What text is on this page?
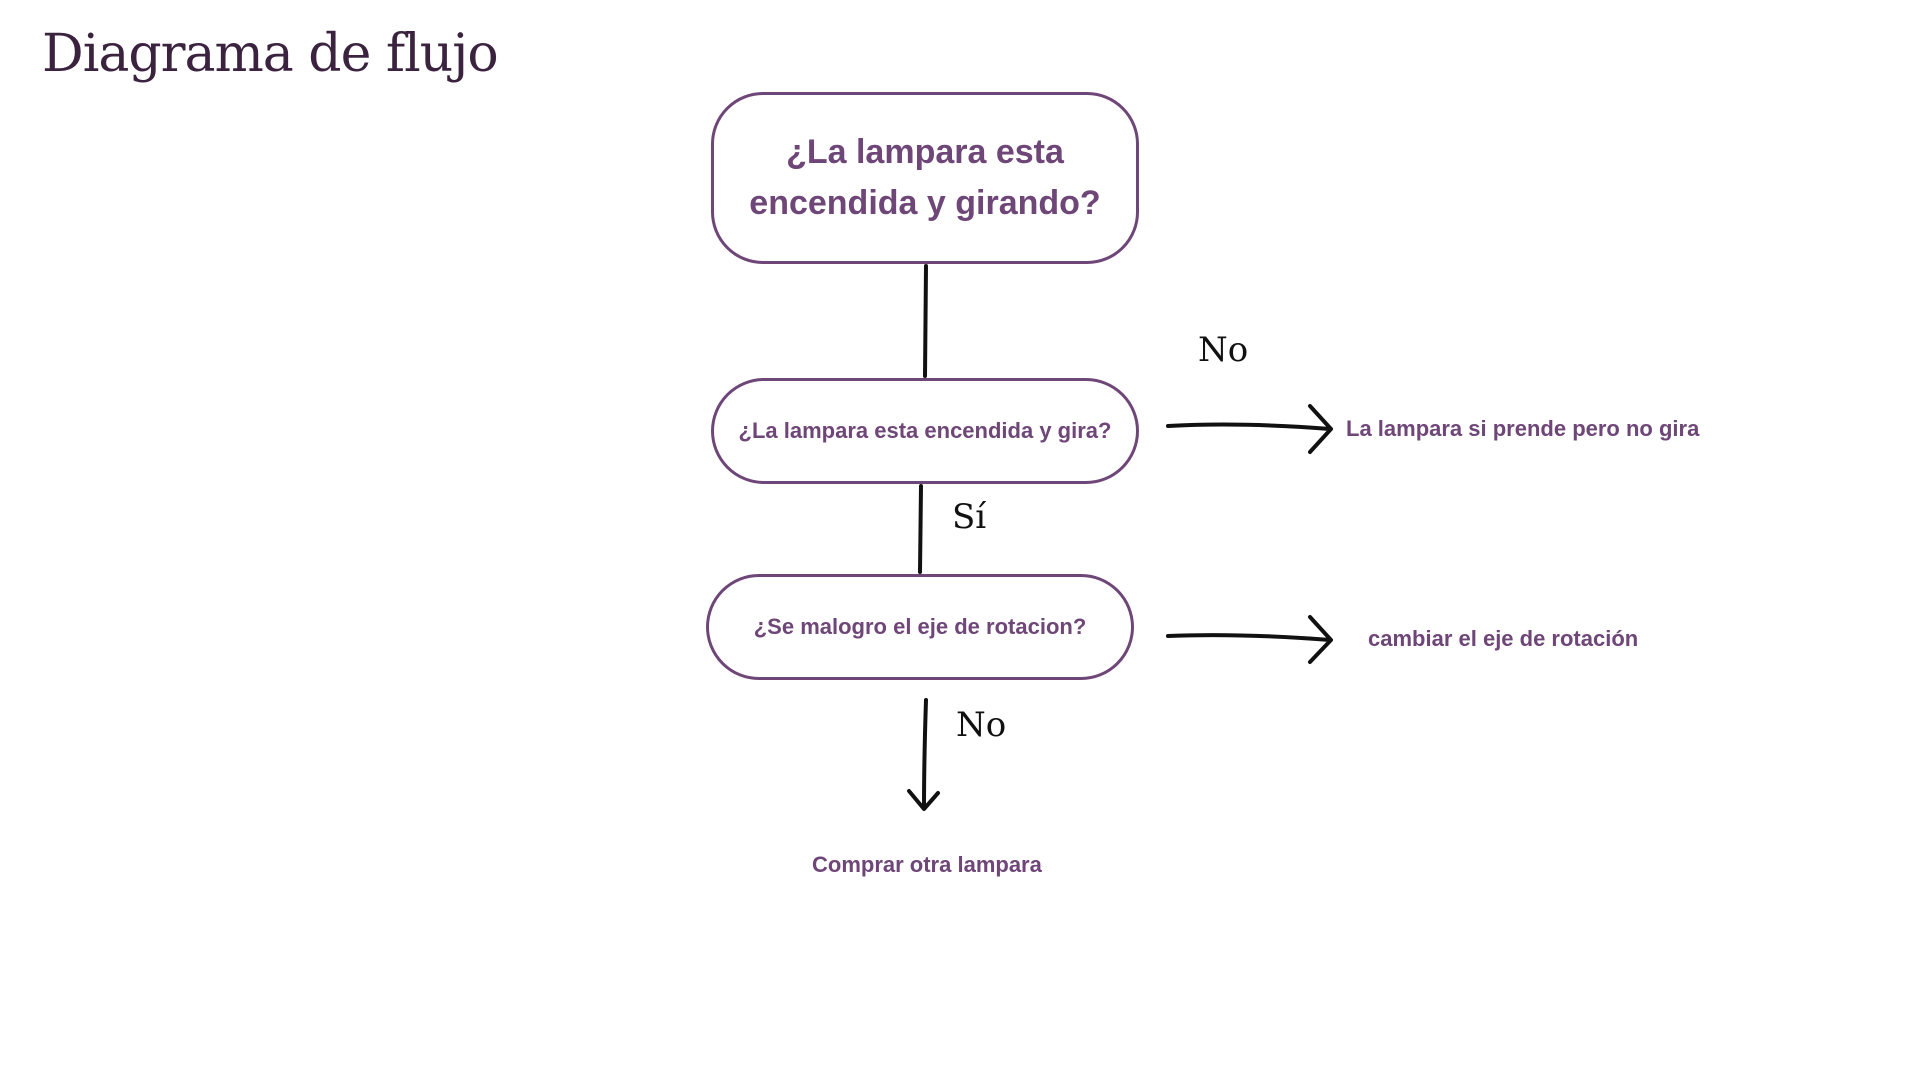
Diagrama de flujo
¿La lampara esta encendida y girando?
¿La lampara esta encendida y gira?
¿Se malogro el eje de rotacion?
La lampara si prende pero no gira
cambiar el eje de rotación
Comprar otra lampara
No
Sí
No
